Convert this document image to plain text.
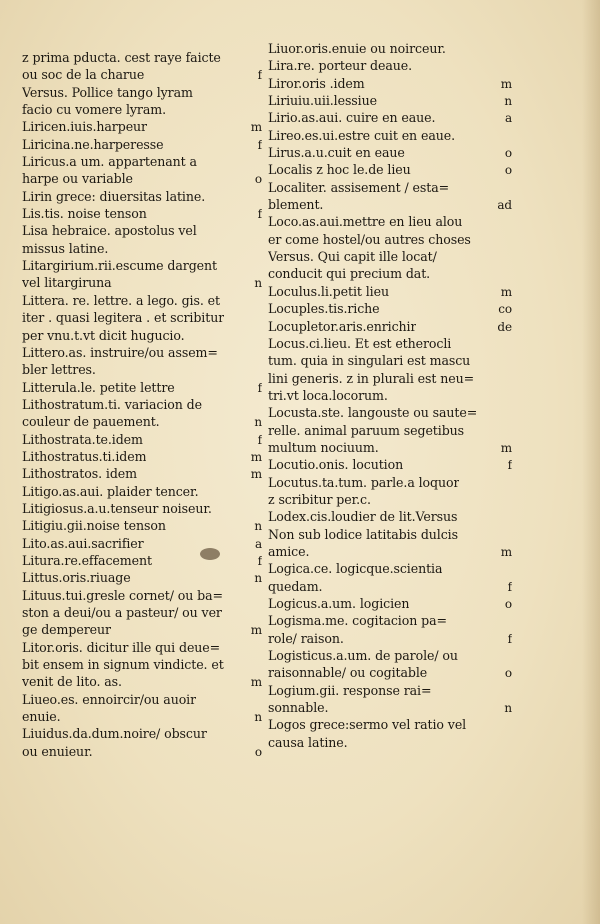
z prima pducta. cest raye faicte
ou soc de la charue	f
Versus. Pollice tango lyram
facio cu vomere lyram.
Liricen.iuis.harpeur	m
Liricina.ne.harperesse	f
Liricus.a um. appartenant a
harpe ou variable	o
Lirin grece: diuersitas latine.
Lis.tis. noise tenson	f
Lisa hebraice. apostolus vel
missus latine.
Litargirium.rii.escume dargent
vel litargiruna	n
Littera. re. lettre. a lego. gis. et
iter . quasi legitera . et scribitur
per vnu.t.vt dicit hugucio.
Littero.as. instruire/ou assem=
bler lettres.
Litterula.le. petite lettre	f
Lithostratum.ti. variacion de
couleur de pauement.	n
Lithostrata.te.idem	f
Lithostratus.ti.idem	m
Lithostratos. idem	m
Litigo.as.aui. plaider tencer.
Litigiosus.a.u.tenseur noiseur.
Litigiu.gii.noise tenson	n
Lito.as.aui.sacrifier	a
Litura.re.effacement	f
Littus.oris.riuage	n
Lituus.tui.gresle cornet/ ou ba=
ston a deui/ou a pasteur/ ou ver
ge dempereur	m
Litor.oris. dicitur ille qui deue=
bit ensem in signum vindicte. et
venit de lito. as.	m
Liueo.es. ennoircir/ou auoir
enuie.	n
Liuidus.da.dum.noire/ obscur
ou enuieur.	o
Liuor.oris.enuie ou noirceur.
Lira.re. porteur deaue.
Liror.oris .idem	m
Liriuiu.uii.lessiue	n
Lirio.as.aui. cuire en eaue.	a
Lireo.es.ui.estre cuit en eaue.
Lirus.a.u.cuit en eaue	o
Localis z hoc le.de lieu	o
Localiter. assisement / esta=
blement.	ad
Loco.as.aui.mettre en lieu alou
er come hostel/ou autres choses
Versus. Qui capit ille locat/
conducit qui precium dat.
Loculus.li.petit lieu	m
Locuples.tis.riche	co
Locupletor.aris.enrichir	de
Locus.ci.lieu. Et est etherocli
tum. quia in singulari est mascu
lini generis. z in plurali est neu=
tri.vt loca.locorum.
Locusta.ste. langouste ou saute=
relle. animal paruum segetibus
multum nociuum.	m
Locutio.onis. locution	f
Locutus.ta.tum. parle.a loquor
z scribitur per.c.
Lodex.cis.loudier de lit.Versus
Non sub lodice latitabis dulcis
amice.	m
Logica.ce. logicque.scientia
quedam.	f
Logicus.a.um. logicien	o
Logisma.me. cogitacion pa=
role/ raison.	f
Logisticus.a.um. de parole/ ou
raisonnable/ ou cogitable	o
Logium.gii. response rai=
sonnable.	n
Logos grece:sermo vel ratio vel
causa latine.
